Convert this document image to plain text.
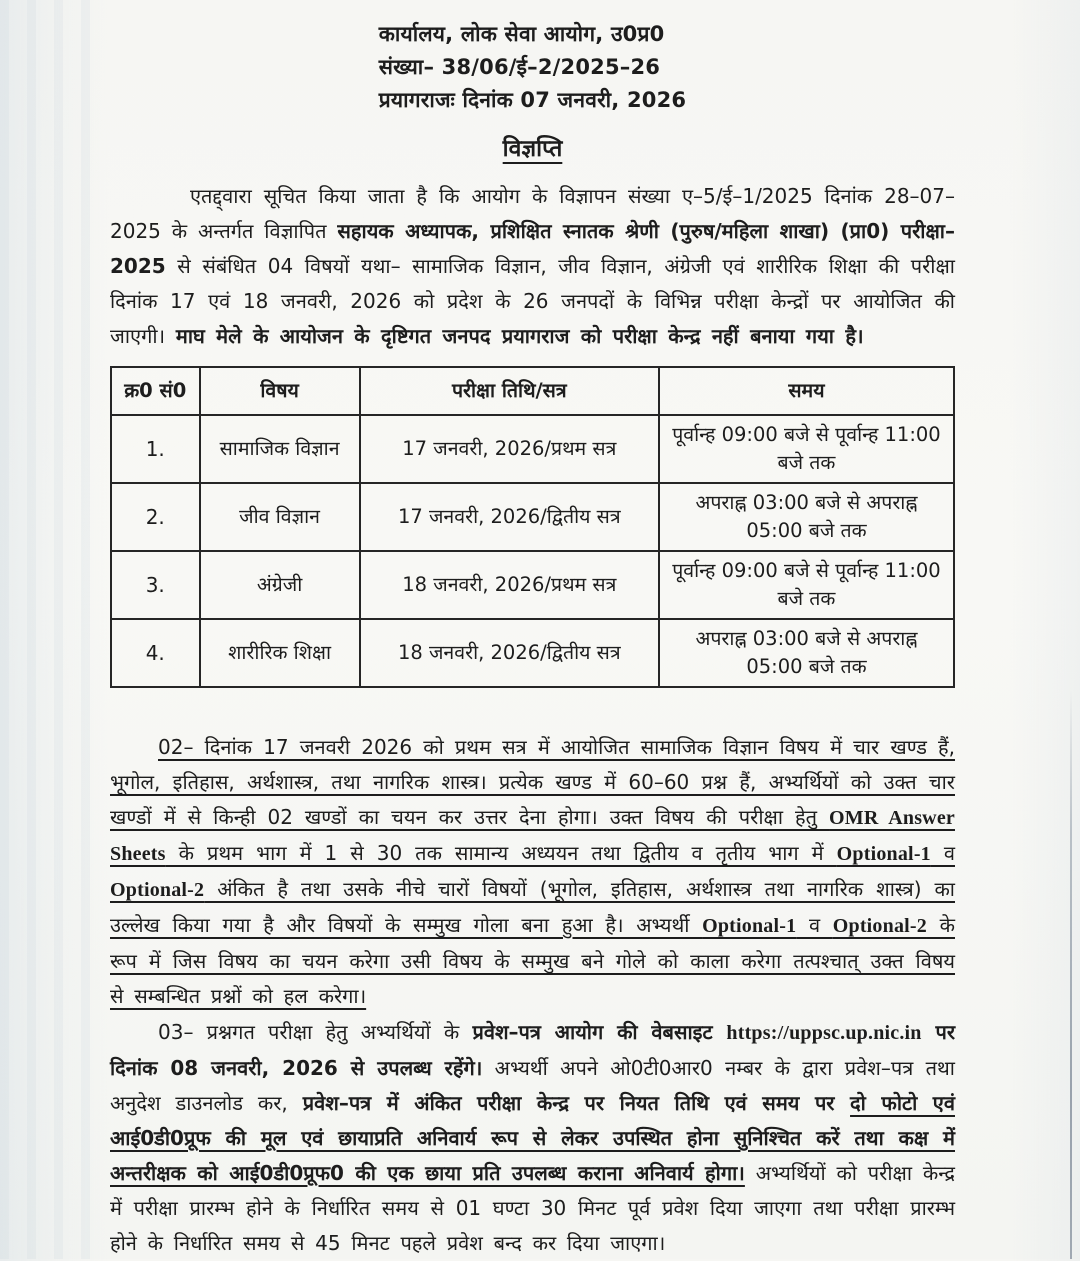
कार्यालय, लोक सेवा आयोग, उ0प्र0
संख्या– 38/06/ई–2/2025–26
प्रयागराजः दिनांक 07 जनवरी, 2026
विज्ञप्ति

एतद्द्वारा सूचित किया जाता है कि आयोग के विज्ञापन संख्या ए–5/ई–1/2025 दिनांक 28–07–2025 के अन्तर्गत विज्ञापित सहायक अध्यापक, प्रशिक्षित स्नातक श्रेणी (पुरुष/महिला शाखा) (प्रा0) परीक्षा–2025 से संबंधित 04 विषयों यथा– सामाजिक विज्ञान, जीव विज्ञान, अंग्रेजी एवं शारीरिक शिक्षा की परीक्षा दिनांक 17 एवं 18 जनवरी, 2026 को प्रदेश के 26 जनपदों के विभिन्न परीक्षा केन्द्रों पर आयोजित की जाएगी। माघ मेले के आयोजन के दृष्टिगत जनपद प्रयागराज को परीक्षा केन्द्र नहीं बनाया गया है।

क्र0 सं0	विषय	परीक्षा तिथि/सत्र	समय
1.	सामाजिक विज्ञान	17 जनवरी, 2026/प्रथम सत्र	पूर्वान्ह 09:00 बजे से पूर्वान्ह 11:00 बजे तक
2.	जीव विज्ञान	17 जनवरी, 2026/द्वितीय सत्र	अपराह्न 03:00 बजे से अपराह्न 05:00 बजे तक
3.	अंग्रेजी	18 जनवरी, 2026/प्रथम सत्र	पूर्वान्ह 09:00 बजे से पूर्वान्ह 11:00 बजे तक
4.	शारीरिक शिक्षा	18 जनवरी, 2026/द्वितीय सत्र	अपराह्न 03:00 बजे से अपराह्न 05:00 बजे तक

02– दिनांक 17 जनवरी 2026 को प्रथम सत्र में आयोजित सामाजिक विज्ञान विषय में चार खण्ड हैं, भूगोल, इतिहास, अर्थशास्त्र, तथा नागरिक शास्त्र। प्रत्येक खण्ड में 60–60 प्रश्न हैं, अभ्यर्थियों को उक्त चार खण्डों में से किन्ही 02 खण्डों का चयन कर उत्तर देना होगा। उक्त विषय की परीक्षा हेतु OMR Answer Sheets के प्रथम भाग में 1 से 30 तक सामान्य अध्ययन तथा द्वितीय व तृतीय भाग में Optional-1 व Optional-2 अंकित है तथा उसके नीचे चारों विषयों (भूगोल, इतिहास, अर्थशास्त्र तथा नागरिक शास्त्र) का उल्लेख किया गया है और विषयों के सम्मुख गोला बना हुआ है। अभ्यर्थी Optional-1 व Optional-2 के रूप में जिस विषय का चयन करेगा उसी विषय के सम्मुख बने गोले को काला करेगा तत्पश्चात् उक्त विषय से सम्बन्धित प्रश्नों को हल करेगा।

03– प्रश्नगत परीक्षा हेतु अभ्यर्थियों के प्रवेश–पत्र आयोग की वेबसाइट https://uppsc.up.nic.in पर दिनांक 08 जनवरी, 2026 से उपलब्ध रहेंगे। अभ्यर्थी अपने ओ0टी0आर0 नम्बर के द्वारा प्रवेश–पत्र तथा अनुदेश डाउनलोड कर, प्रवेश–पत्र में अंकित परीक्षा केन्द्र पर नियत तिथि एवं समय पर दो फोटो एवं आई0डी0प्रूफ की मूल एवं छायाप्रति अनिवार्य रूप से लेकर उपस्थित होना सुनिश्चित करें तथा कक्ष में अन्तरीक्षक को आई0डी0प्रूफ0 की एक छाया प्रति उपलब्ध कराना अनिवार्य होगा। अभ्यर्थियों को परीक्षा केन्द्र में परीक्षा प्रारम्भ होने के निर्धारित समय से 01 घण्टा 30 मिनट पूर्व प्रवेश दिया जाएगा तथा परीक्षा प्रारम्भ होने के निर्धारित समय से 45 मिनट पहले प्रवेश बन्द कर दिया जाएगा।
